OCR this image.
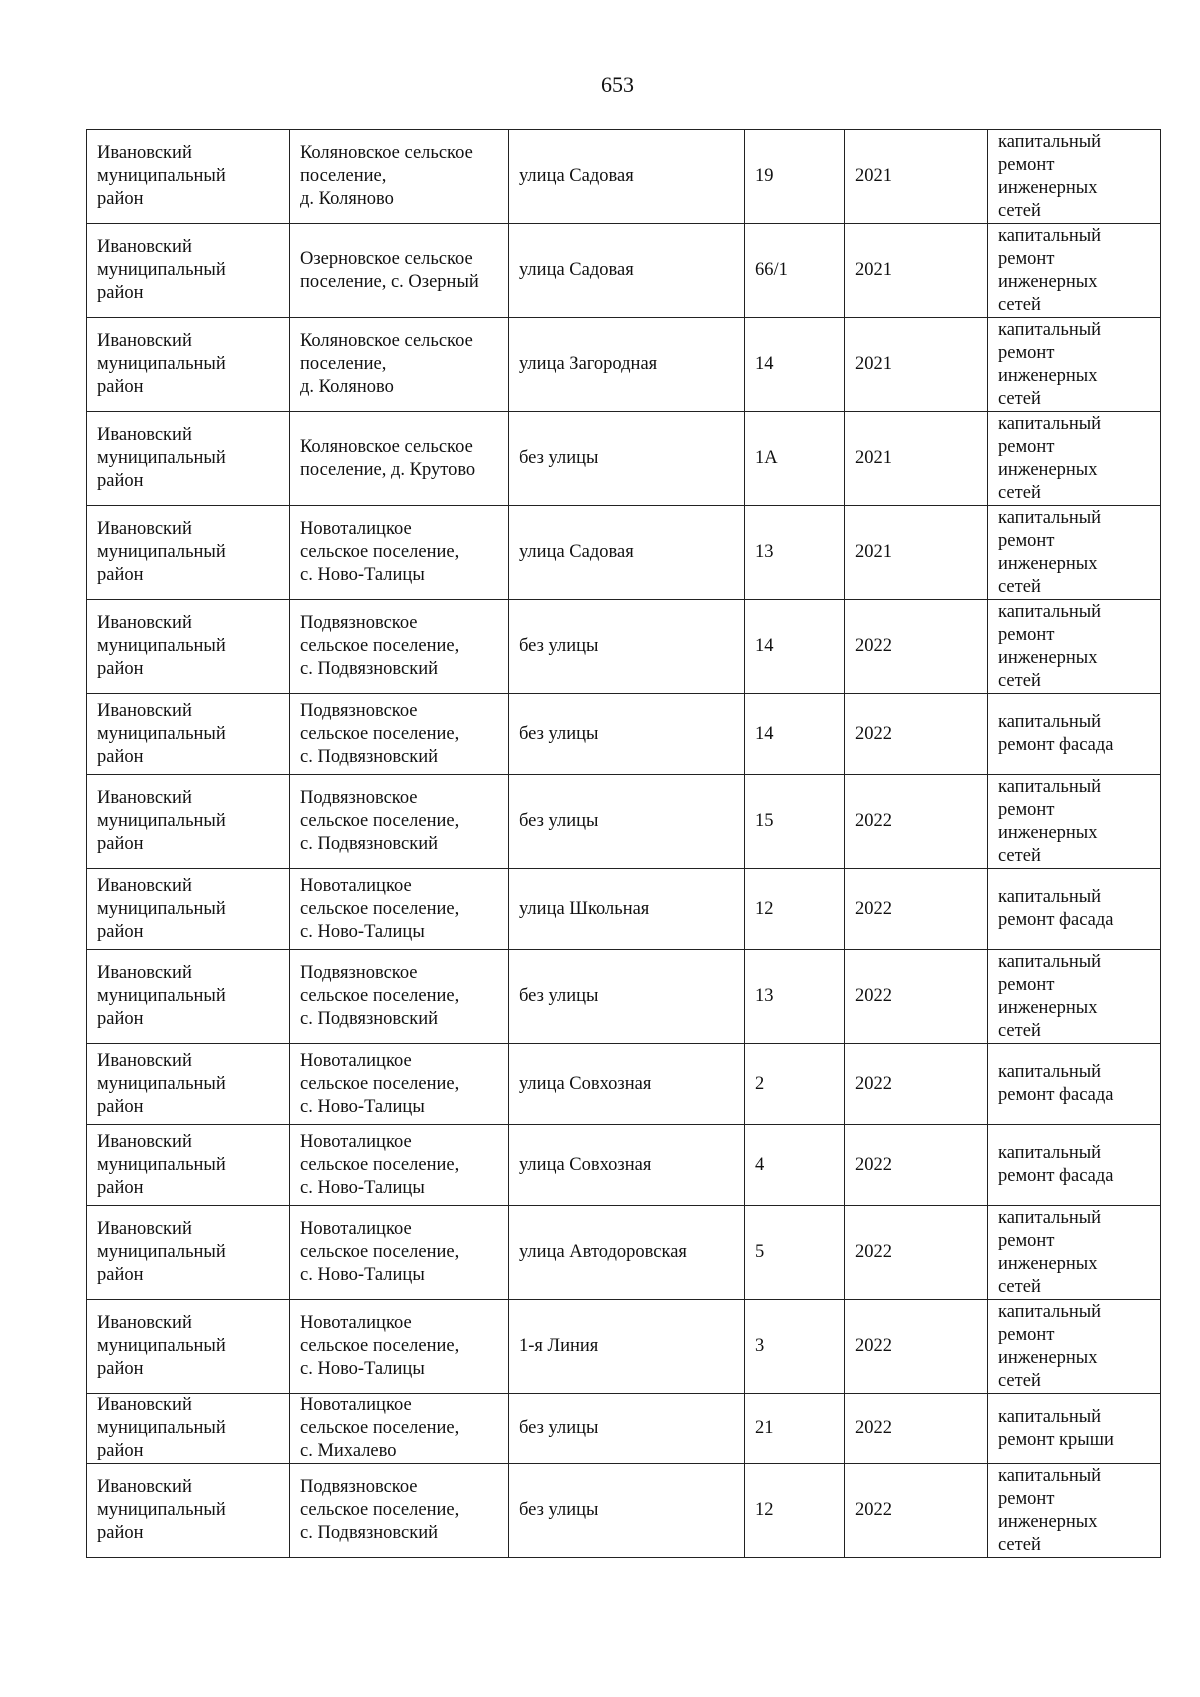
653
Ивановский
муниципальный
район	Коляновское сельское
поселение,
д. Коляново	улица Садовая	19	2021	капитальный
ремонт
инженерных
сетей
Ивановский
муниципальный
район	Озерновское сельское
поселение, с. Озерный	улица Садовая	66/1	2021	капитальный
ремонт
инженерных
сетей
Ивановский
муниципальный
район	Коляновское сельское
поселение,
д. Коляново	улица Загородная	14	2021	капитальный
ремонт
инженерных
сетей
Ивановский
муниципальный
район	Коляновское сельское
поселение, д. Крутово	без улицы	1А	2021	капитальный
ремонт
инженерных
сетей
Ивановский
муниципальный
район	Новоталицкое
сельское поселение,
с. Ново-Талицы	улица Садовая	13	2021	капитальный
ремонт
инженерных
сетей
Ивановский
муниципальный
район	Подвязновское
сельское поселение,
с. Подвязновский	без улицы	14	2022	капитальный
ремонт
инженерных
сетей
Ивановский
муниципальный
район	Подвязновское
сельское поселение,
с. Подвязновский	без улицы	14	2022	капитальный
ремонт фасада
Ивановский
муниципальный
район	Подвязновское
сельское поселение,
с. Подвязновский	без улицы	15	2022	капитальный
ремонт
инженерных
сетей
Ивановский
муниципальный
район	Новоталицкое
сельское поселение,
с. Ново-Талицы	улица Школьная	12	2022	капитальный
ремонт фасада
Ивановский
муниципальный
район	Подвязновское
сельское поселение,
с. Подвязновский	без улицы	13	2022	капитальный
ремонт
инженерных
сетей
Ивановский
муниципальный
район	Новоталицкое
сельское поселение,
с. Ново-Талицы	улица Совхозная	2	2022	капитальный
ремонт фасада
Ивановский
муниципальный
район	Новоталицкое
сельское поселение,
с. Ново-Талицы	улица Совхозная	4	2022	капитальный
ремонт фасада
Ивановский
муниципальный
район	Новоталицкое
сельское поселение,
с. Ново-Талицы	улица Автодоровская	5	2022	капитальный
ремонт
инженерных
сетей
Ивановский
муниципальный
район	Новоталицкое
сельское поселение,
с. Ново-Талицы	1-я Линия	3	2022	капитальный
ремонт
инженерных
сетей
Ивановский
муниципальный
район	Новоталицкое
сельское поселение,
с. Михалево	без улицы	21	2022	капитальный
ремонт крыши
Ивановский
муниципальный
район	Подвязновское
сельское поселение,
с. Подвязновский	без улицы	12	2022	капитальный
ремонт
инженерных
сетей
